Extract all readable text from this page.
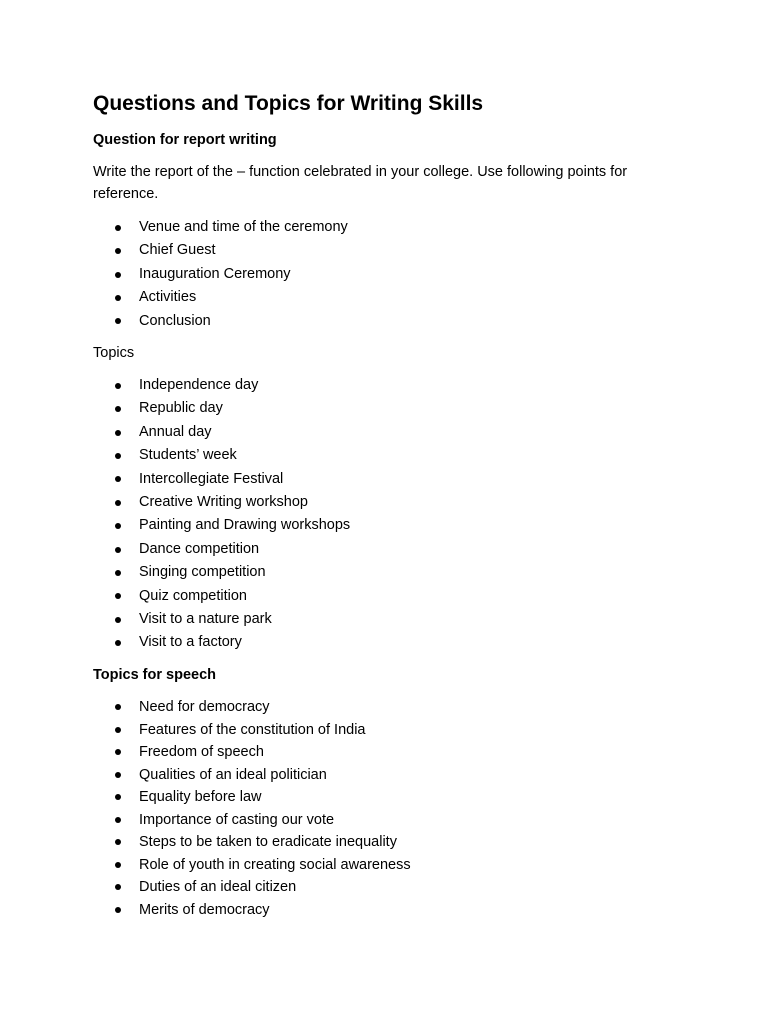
Questions and Topics for Writing Skills
Question for report writing

Write the report of the – function celebrated in your college. Use following points for reference.

Venue and time of the ceremony
Chief Guest
Inauguration Ceremony
Activities
Conclusion
Topics
Independence day
Republic day
Annual day
Students’ week
Intercollegiate Festival
Creative Writing workshop
Painting and Drawing workshops
Dance competition
Singing competition
Quiz competition
Visit to a nature park
Visit to a factory
Topics for speech
Need for democracy
Features of the constitution of India
Freedom of speech
Qualities of an ideal politician
Equality before law
Importance of casting our vote
Steps to be taken to eradicate inequality
Role of youth in creating social awareness
Duties of an ideal citizen
Merits of democracy
